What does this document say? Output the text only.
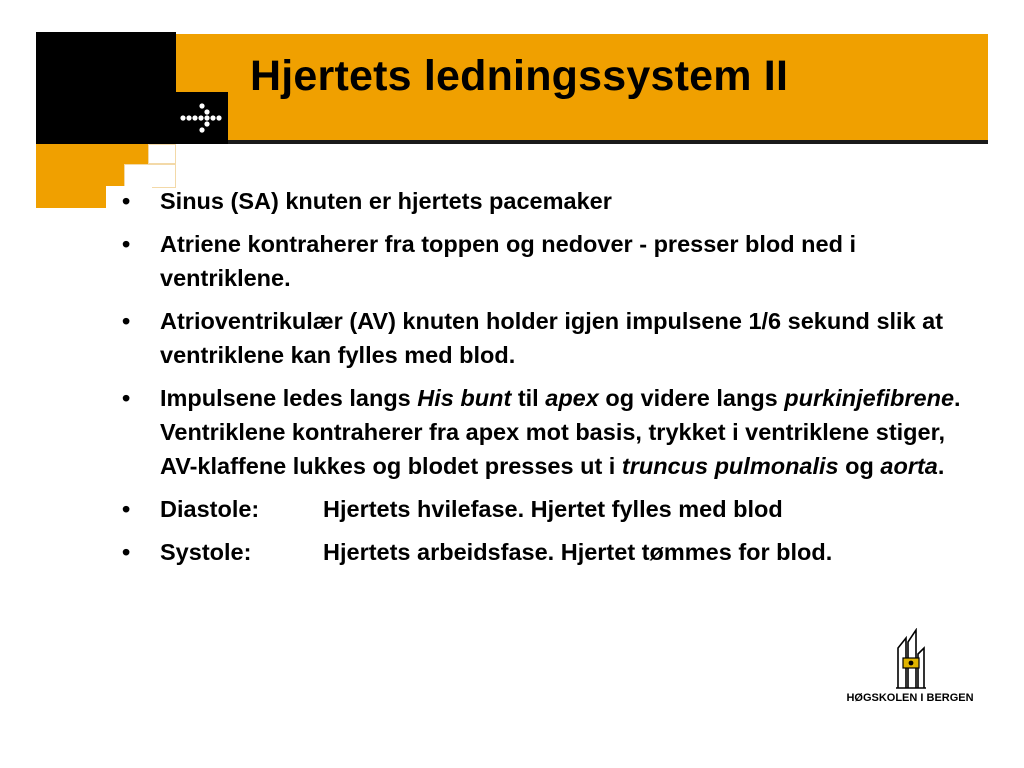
Hjertets ledningssystem II
•	Sinus (SA) knuten er hjertets pacemaker
•	Atriene kontraherer fra toppen og nedover - presser blod ned i ventriklene.
•	Atrioventrikulær (AV) knuten holder igjen impulsene 1/6 sekund slik at ventriklene kan fylles med blod.
•	Impulsene ledes langs His bunt til apex og videre langs purkinjefibrene. Ventriklene kontraherer fra apex mot basis, trykket i ventriklene stiger, AV-klaffene lukkes og blodet presses ut i truncus pulmonalis og aorta.
•	Diastole:	Hjertets hvilefase. Hjertet fylles med blod
•	Systole:	Hjertets arbeidsfase. Hjertet tømmes for blod.
HØGSKOLEN I BERGEN
